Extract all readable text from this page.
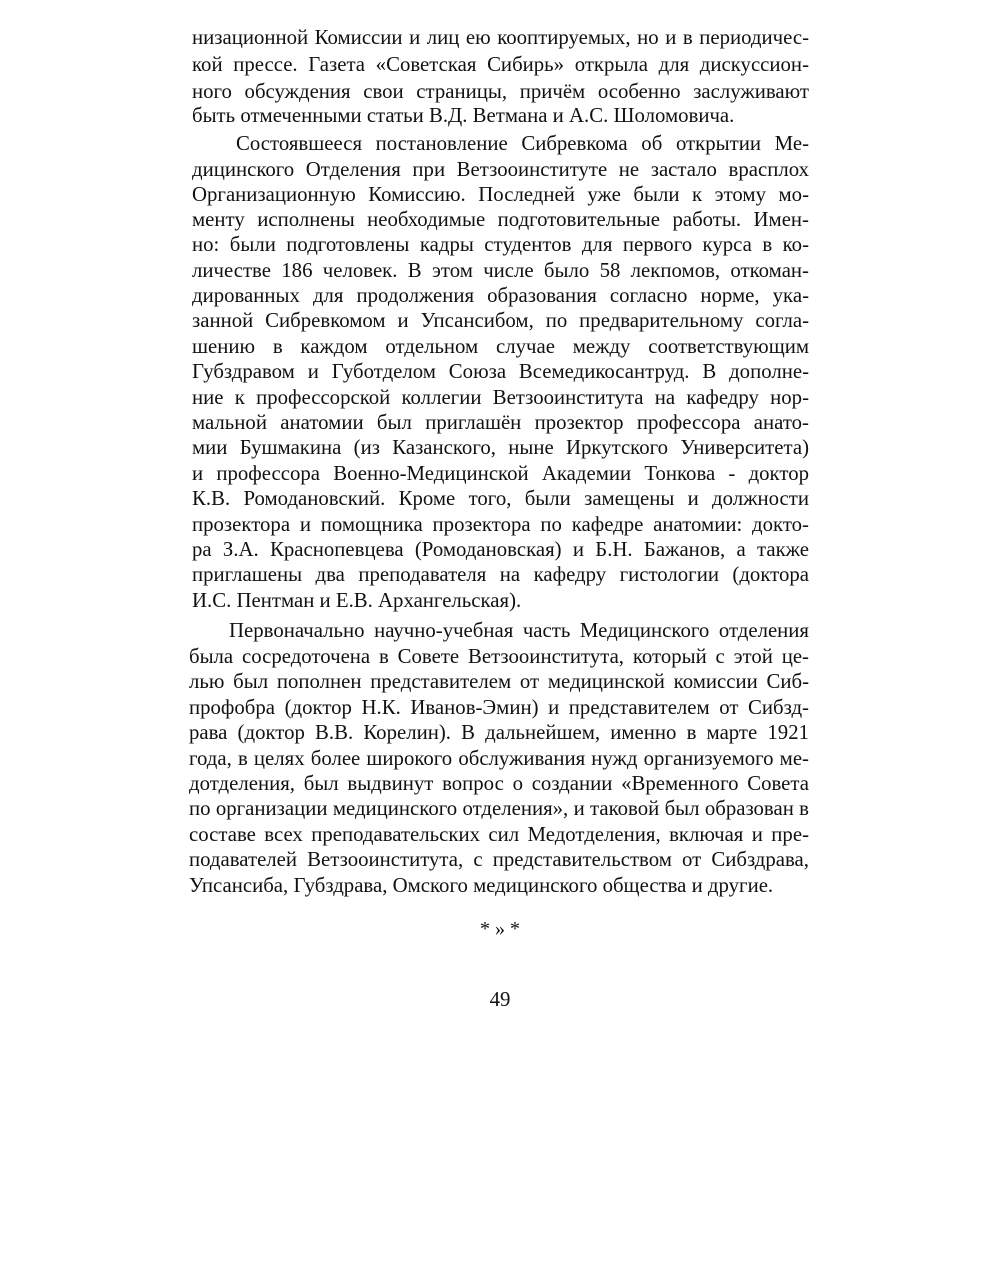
низационной Комиссии и лиц ею кооптируемых, но и в периодичес-
кой прессе. Газета «Советская Сибирь» открыла для дискуссион-
ного обсуждения свои страницы, причём особенно заслуживают
быть отмеченными статьи В.Д. Ветмана и А.С. Шоломовича.
Состоявшееся постановление Сибревкома об открытии Ме-
дицинского Отделения при Ветзооинституте не застало врасплох
Организационную Комиссию. Последней уже были к этому мо-
менту исполнены необходимые подготовительные работы. Имен-
но: были подготовлены кадры студентов для первого курса в ко-
личестве 186 человек. В этом числе было 58 лекпомов, откоман-
дированных для продолжения образования согласно норме, ука-
занной Сибревкомом и Упсансибом, по предварительному согла-
шению в каждом отдельном случае между соответствующим
Губздравом и Губотделом Союза Всемедикосантруд. В дополне-
ние к профессорской коллегии Ветзооинститута на кафедру нор-
мальной анатомии был приглашён прозектор профессора анато-
мии Бушмакина (из Казанского, ныне Иркутского Университета)
и профессора Военно-Медицинской Академии Тонкова - доктор
К.В. Ромодановский. Кроме того, были замещены и должности
прозектора и помощника прозектора по кафедре анатомии: докто-
ра З.А. Краснопевцева (Ромодановская) и Б.Н. Бажанов, а также
приглашены два преподавателя на кафедру гистологии (доктора
И.С. Пентман и Е.В. Архангельская).
Первоначально научно-учебная часть Медицинского отделения
была сосредоточена в Совете Ветзооинститута, который с этой це-
лью был пополнен представителем от медицинской комиссии Сиб-
профобра (доктор Н.К. Иванов-Эмин) и представителем от Сибзд-
рава (доктор В.В. Корелин). В дальнейшем, именно в марте 1921
года, в целях более широкого обслуживания нужд организуемого ме-
дотделения, был выдвинут вопрос о создании «Временного Совета
по организации медицинского отделения», и таковой был образован в
составе всех преподавательских сил Медотделения, включая и пре-
подавателей Ветзооинститута, с представительством от Сибздрава,
Упсансиба, Губздрава, Омского медицинского общества и другие.
* » *
49
